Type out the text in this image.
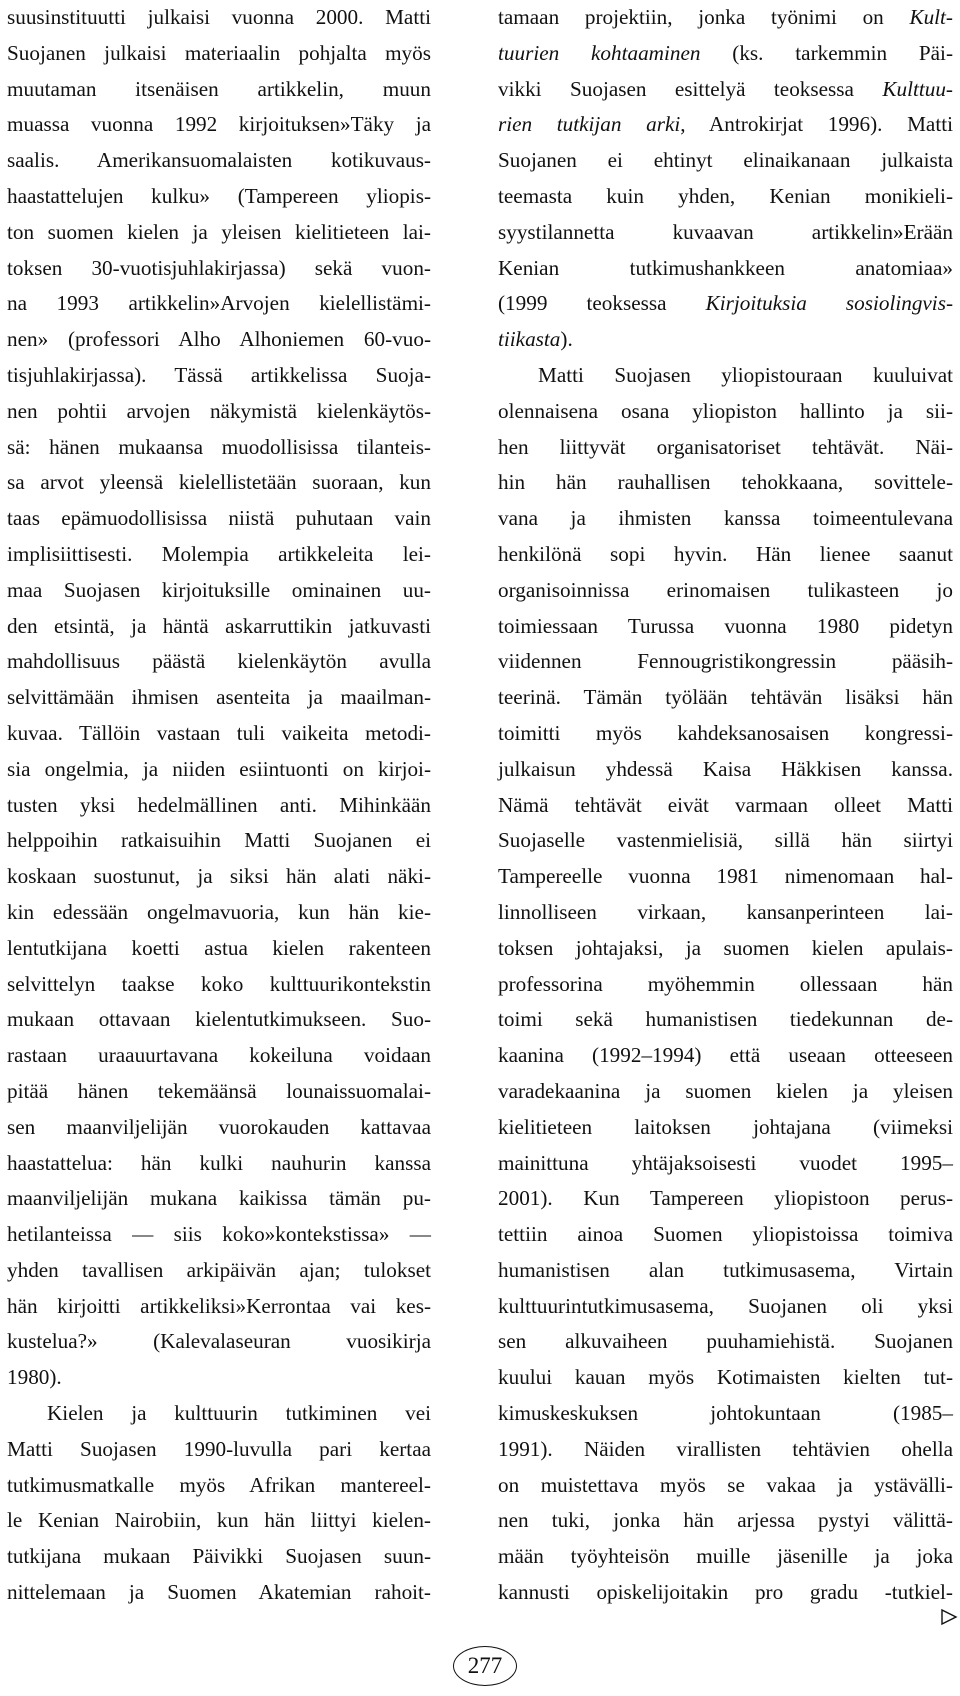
suusinstituutti julkaisi vuonna 2000. Matti
Suojanen julkaisi materiaalin pohjalta myös
muutaman itsenäisen artikkelin, muun
muassa vuonna 1992 kirjoituksen»Täky ja
saalis. Amerikansuomalaisten kotikuvaus-
haastattelujen kulku» (Tampereen yliopis-
ton suomen kielen ja yleisen kielitieteen lai-
toksen 30-vuotisjuhlakirjassa) sekä vuon-
na 1993 artikkelin»Arvojen kielellistämi-
nen» (professori Alho Alhoniemen 60-vuo-
tisjuhlakirjassa). Tässä artikkelissa Suoja-
nen pohtii arvojen näkymistä kielenkäytös-
sä: hänen mukaansa muodollisissa tilanteis-
sa arvot yleensä kielellistetään suoraan, kun
taas epämuodollisissa niistä puhutaan vain
implisiittisesti. Molempia artikkeleita lei-
maa Suojasen kirjoituksille ominainen uu-
den etsintä, ja häntä askarruttikin jatkuvasti
mahdollisuus päästä kielenkäytön avulla
selvittämään ihmisen asenteita ja maailman-
kuvaa. Tällöin vastaan tuli vaikeita metodi-
sia ongelmia, ja niiden esiintuonti on kirjoi-
tusten yksi hedelmällinen anti. Mihinkään
helppoihin ratkaisuihin Matti Suojanen ei
koskaan suostunut, ja siksi hän alati näki-
kin edessään ongelmavuoria, kun hän kie-
lentutkijana koetti astua kielen rakenteen
selvittelyn taakse koko kulttuurikontekstin
mukaan ottavaan kielentutkimukseen. Suo-
rastaan uraauurtavana kokeiluna voidaan
pitää hänen tekemäänsä lounaissuomalai-
sen maanviljelijän vuorokauden kattavaa
haastattelua: hän kulki nauhurin kanssa
maanviljelijän mukana kaikissa tämän pu-
hetilanteissa — siis koko»kontekstissa» —
yhden tavallisen arkipäivän ajan; tulokset
hän kirjoitti artikkeliksi»Kerrontaa vai kes-
kustelua?» (Kalevalaseuran vuosikirja
1980).
Kielen ja kulttuurin tutkiminen vei
Matti Suojasen 1990-luvulla pari kertaa
tutkimusmatkalle myös Afrikan mantereel-
le Kenian Nairobiin, kun hän liittyi kielen-
tutkijana mukaan Päivikki Suojasen suun-
nittelemaan ja Suomen Akatemian rahoit-
tamaan projektiin, jonka työnimi on Kult-
tuurien kohtaaminen (ks. tarkemmin Päi-
vikki Suojasen esittelyä teoksessa Kulttuu-
rien tutkijan arki, Antrokirjat 1996). Matti
Suojanen ei ehtinyt elinaikanaan julkaista
teemasta kuin yhden, Kenian monikieli-
syystilannetta kuvaavan artikkelin»Erään
Kenian tutkimushankkeen anatomiaa»
(1999 teoksessa Kirjoituksia sosiolingvis-
tiikasta).
Matti Suojasen yliopistouraan kuuluivat
olennaisena osana yliopiston hallinto ja sii-
hen liittyvät organisatoriset tehtävät. Näi-
hin hän rauhallisen tehokkaana, sovittele-
vana ja ihmisten kanssa toimeentulevana
henkilönä sopi hyvin. Hän lienee saanut
organisoinnissa erinomaisen tulikasteen jo
toimiessaan Turussa vuonna 1980 pidetyn
viidennen Fennougristikongressin pääsih-
teerinä. Tämän työlään tehtävän lisäksi hän
toimitti myös kahdeksanosaisen kongressi-
julkaisun yhdessä Kaisa Häkkisen kanssa.
Nämä tehtävät eivät varmaan olleet Matti
Suojaselle vastenmielisiä, sillä hän siirtyi
Tampereelle vuonna 1981 nimenomaan hal-
linnolliseen virkaan, kansanperinteen lai-
toksen johtajaksi, ja suomen kielen apulais-
professorina myöhemmin ollessaan hän
toimi sekä humanistisen tiedekunnan de-
kaanina (1992–1994) että useaan otteeseen
varadekaanina ja suomen kielen ja yleisen
kielitieteen laitoksen johtajana (viimeksi
mainittuna yhtäjaksoisesti vuodet 1995–
2001). Kun Tampereen yliopistoon perus-
tettiin ainoa Suomen yliopistoissa toimiva
humanistisen alan tutkimusasema, Virtain
kulttuurintutkimusasema, Suojanen oli yksi
sen alkuvaiheen puuhamiehistä. Suojanen
kuului kauan myös Kotimaisten kielten tut-
kimuskeskuksen johtokuntaan (1985–
1991). Näiden virallisten tehtävien ohella
on muistettava myös se vakaa ja ystävälli-
nen tuki, jonka hän arjessa pystyi välittä-
mään työyhteisön muille jäsenille ja joka
kannusti opiskelijoitakin pro gradu -tutkiel-
277
